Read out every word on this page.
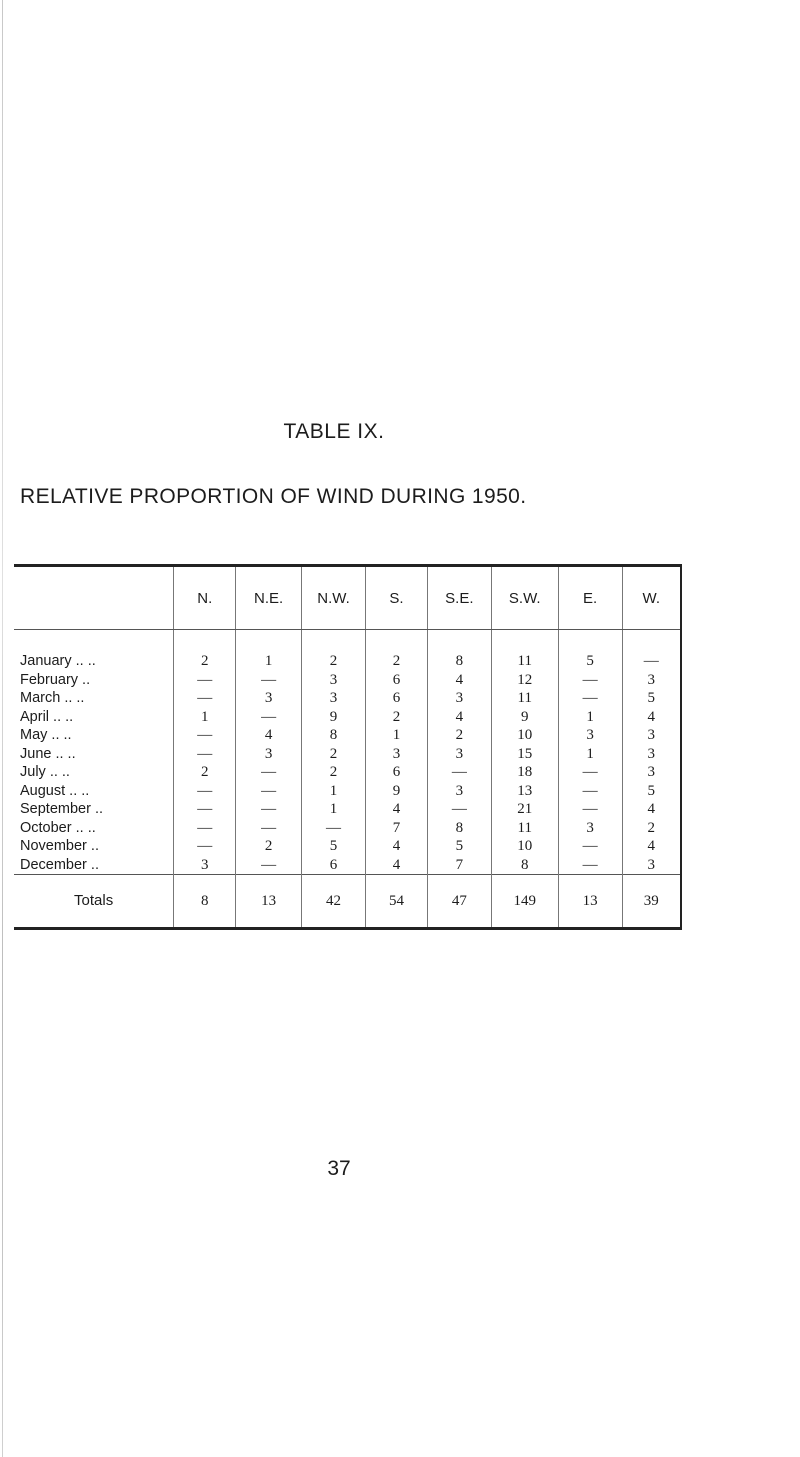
TABLE IX.
RELATIVE PROPORTION OF WIND DURING 1950.
	N.	N.E.	N.W.	S.	S.E.	S.W.	E.	W.
January .. ..	2	1	2	2	8	11	5	—
February ..	—	—	3	6	4	12	—	3
March .. ..	—	3	3	6	3	11	—	5
April .. ..	1	—	9	2	4	9	1	4
May .. ..	—	4	8	1	2	10	3	3
June .. ..	—	3	2	3	3	15	1	3
July .. ..	2	—	2	6	—	18	—	3
August .. ..	—	—	1	9	3	13	—	5
September ..	—	—	1	4	—	21	—	4
October .. ..	—	—	—	7	8	11	3	2
November ..	—	2	5	4	5	10	—	4
December ..	3	—	6	4	7	8	—	3
Totals	8	13	42	54	47	149	13	39
37
